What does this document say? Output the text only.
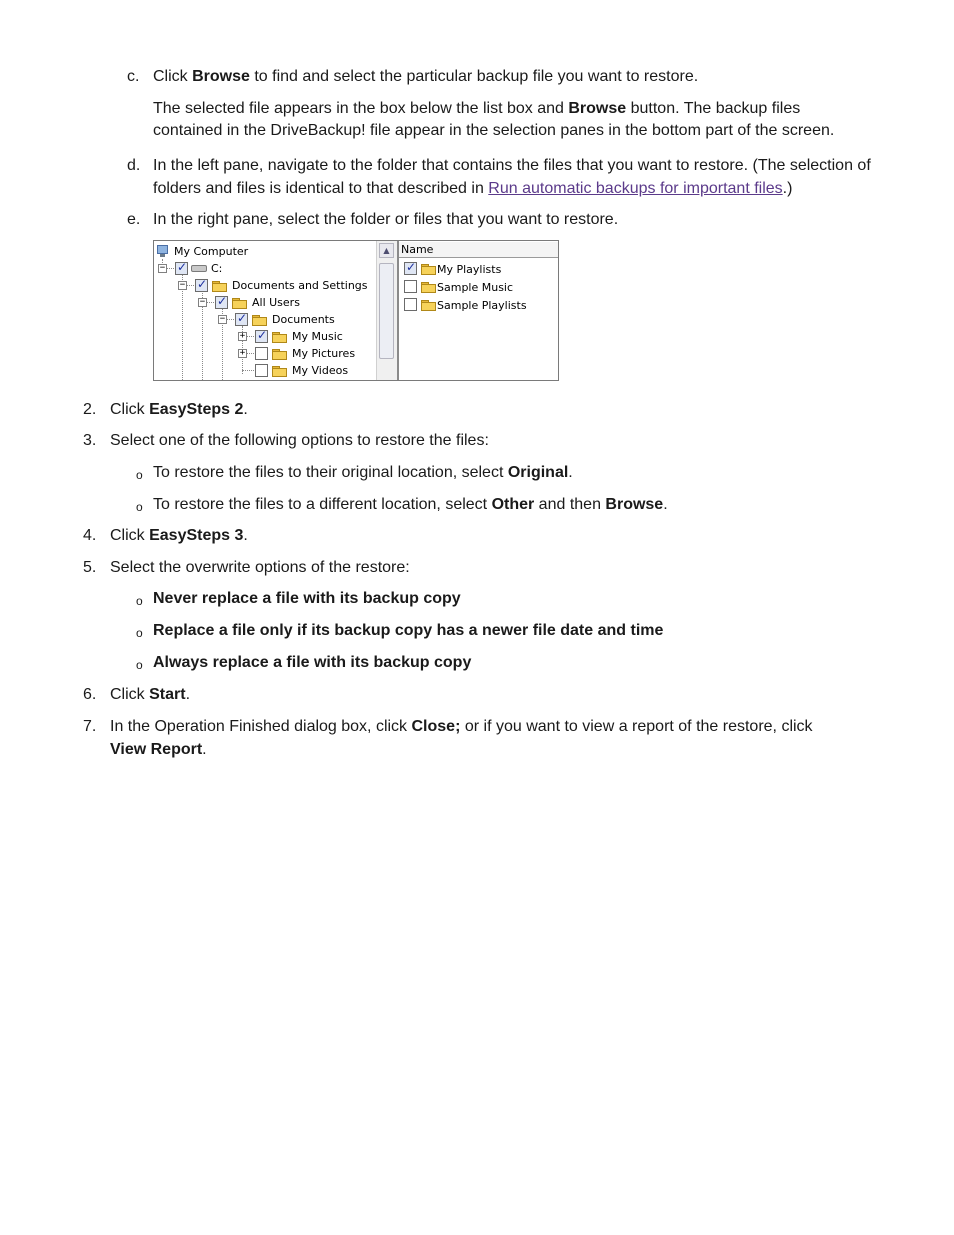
c. Click Browse to find and select the particular backup file you want to restore.
The selected file appears in the box below the list box and Browse button. The backup files
contained in the DriveBackup! file appear in the selection panes in the bottom part of the screen.
d. In the left pane, navigate to the folder that contains the files that you want to restore. (The selection of
folders and files is identical to that described in Run automatic backups for important files.)
e. In the right pane, select the folder or files that you want to restore.
My Computer
− ✓	C:
− ✓	Documents and Settings
− ✓	All Users
− ✓	Documents
+ ✓	My Music
+	My Pictures
My Videos
▲	Name
✓
My Playlists
Sample Music
Sample Playlists
2. Click EasySteps 2.
3. Select one of the following options to restore the files:
o To restore the files to their original location, select Original.
o To restore the files to a different location, select Other and then Browse.
4. Click EasySteps 3.
5. Select the overwrite options of the restore:
o Never replace a file with its backup copy
o Replace a file only if its backup copy has a newer file date and time
o Always replace a file with its backup copy
6. Click Start.
7. In the Operation Finished dialog box, click Close; or if you want to view a report of the restore, click
View Report.
